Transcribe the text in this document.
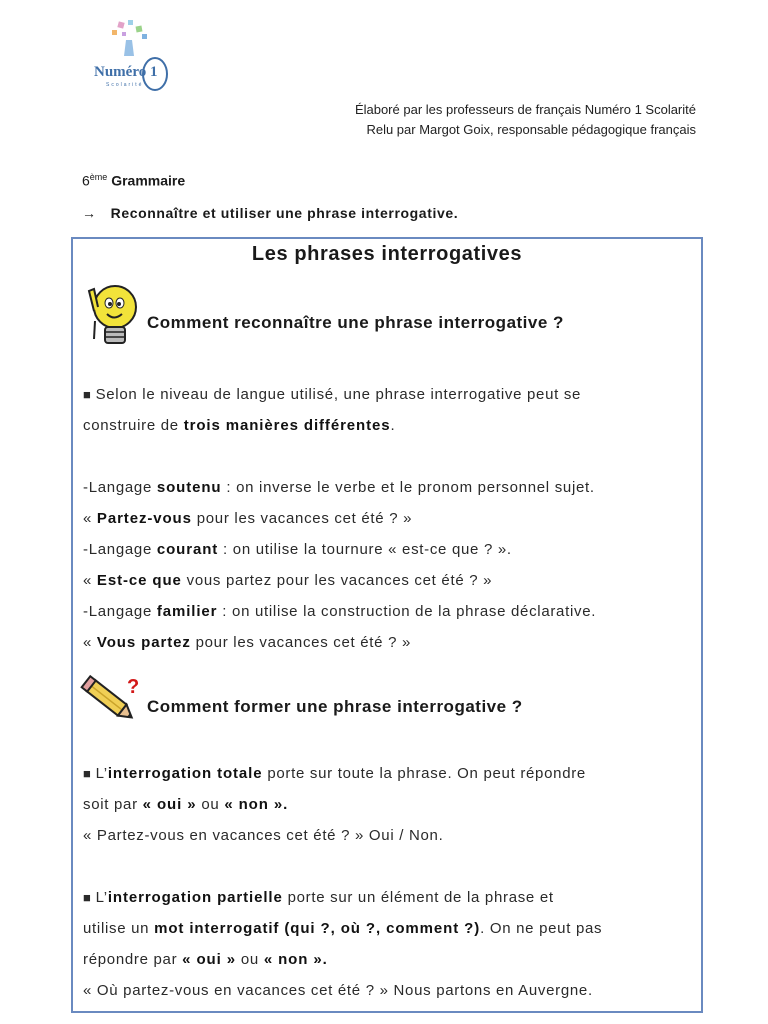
Numéro 1
Scolarité
Élaboré par les professeurs de français Numéro 1 Scolarité
Relu par Margot Goix, responsable pédagogique français
6ème Grammaire
→ Reconnaître et utiliser une phrase interrogative.
Les phrases interrogatives
Comment reconnaître une phrase interrogative ?
■ Selon le niveau de langue utilisé, une phrase interrogative peut se
construire de trois manières différentes.

-Langage soutenu : on inverse le verbe et le pronom personnel sujet.
« Partez-vous pour les vacances cet été ? »
-Langage courant : on utilise la tournure « est-ce que ? ».
« Est-ce que vous partez pour les vacances cet été ? »
-Langage familier : on utilise la construction de la phrase déclarative.
« Vous partez pour les vacances cet été ? »
?
Comment former une phrase interrogative ?
■ L’interrogation totale porte sur toute la phrase. On peut répondre
soit par « oui » ou « non ».
« Partez-vous en vacances cet été ? » Oui / Non.

■ L’interrogation partielle porte sur un élément de la phrase et
utilise un mot interrogatif (qui ?, où ?, comment ?). On ne peut pas
répondre par « oui » ou « non ».
« Où partez-vous en vacances cet été ? » Nous partons en Auvergne.
